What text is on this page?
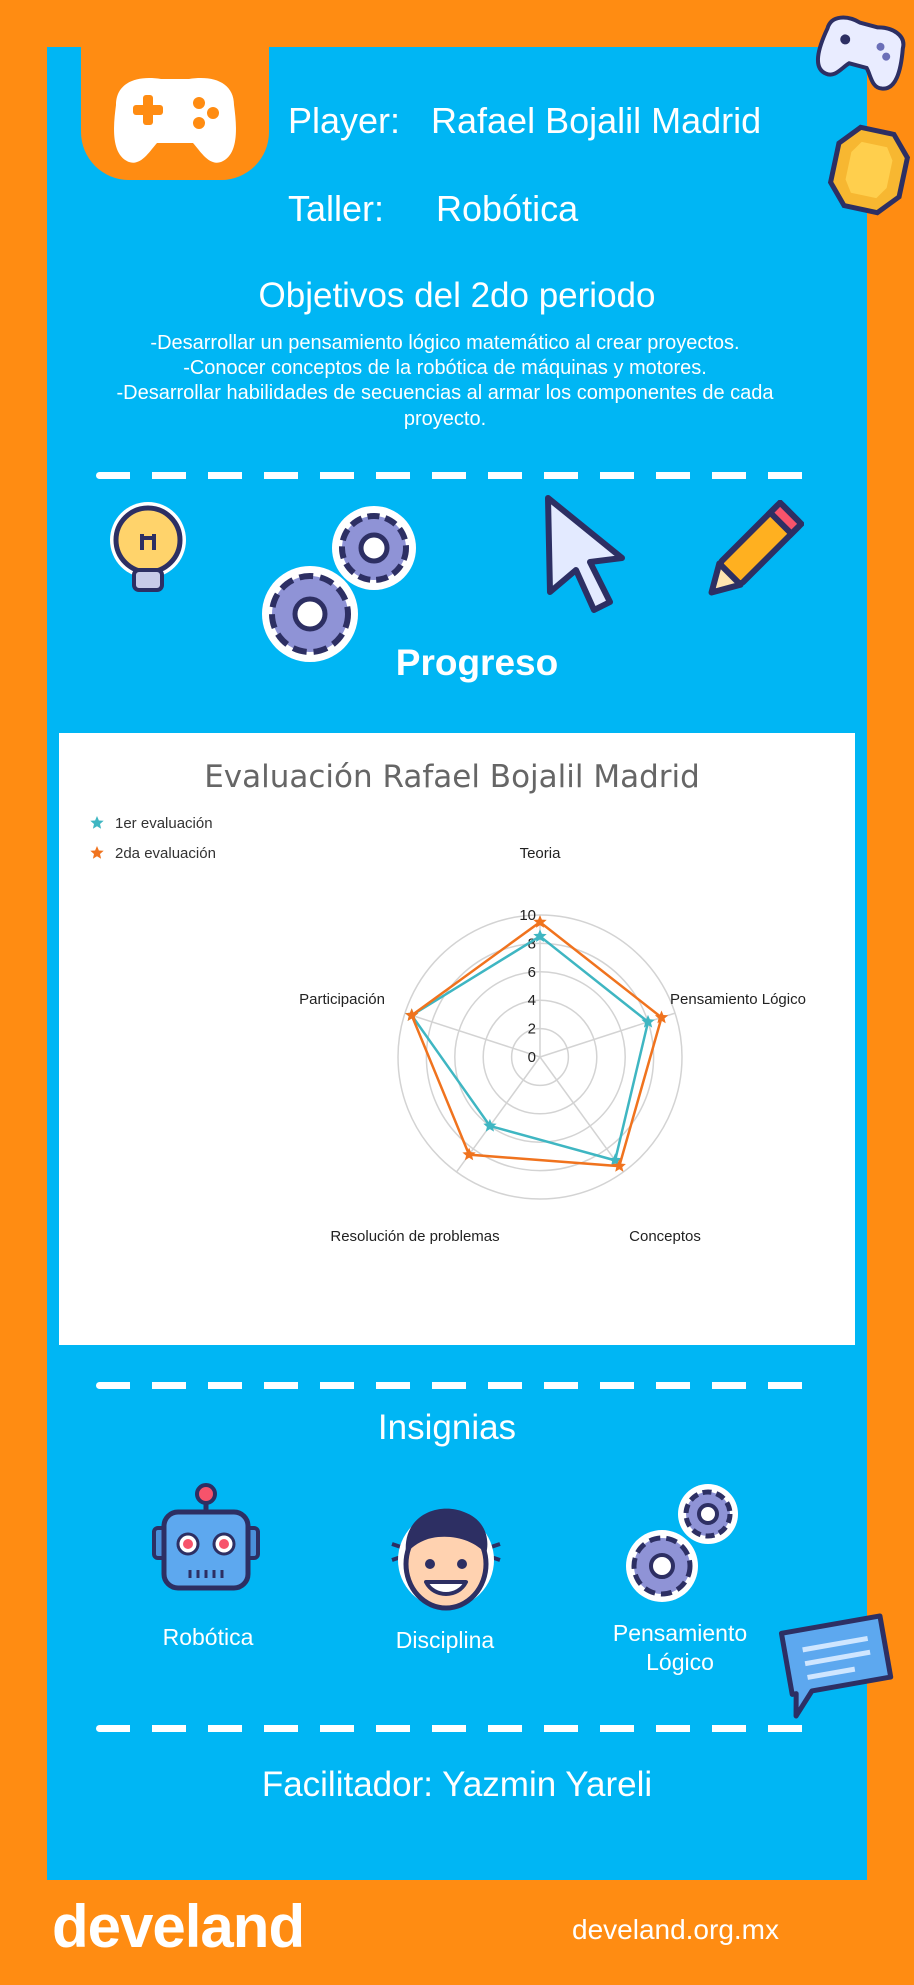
Player: Rafael Bojalil Madrid
Taller: Robótica
Objetivos del 2do periodo
-Desarrollar un pensamiento lógico matemático al crear proyectos.
-Conocer conceptos de la robótica de máquinas y motores.
-Desarrollar habilidades de secuencias al armar los componentes de cada proyecto.
Progreso
Evaluación Rafael Bojalil Madrid
1er evaluación
2da evaluación
0
2
4
6
8
10
Teoria
Pensamiento Lógico
Conceptos
Resolución de problemas
Participación
Insignias
Robótica	Disciplina	Pensamiento Lógico
Facilitador: Yazmin Yareli
develand	develand.org.mx
